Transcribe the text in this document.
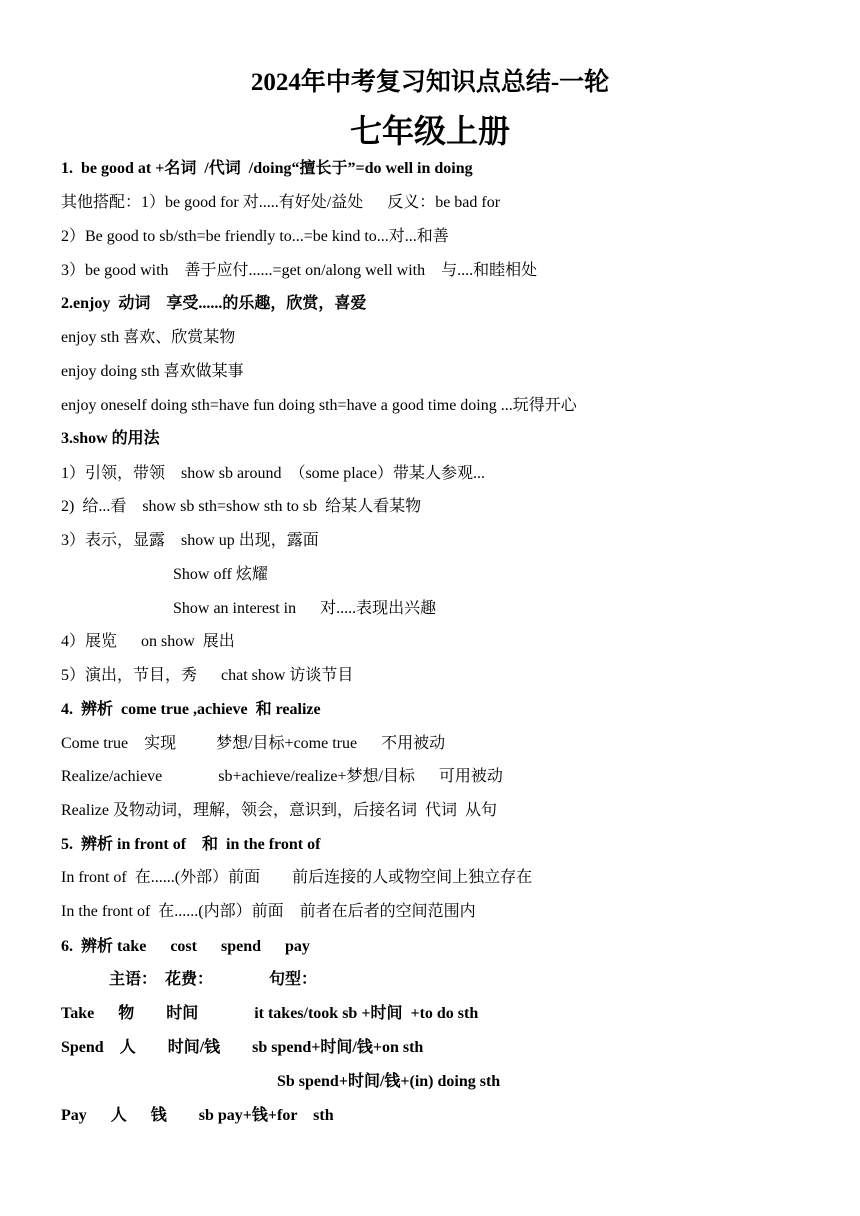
2024年中考复习知识点总结-一轮
七年级上册
1.  be good at +名词  /代词  /doing“擅长于”=do well in doing
其他搭配：1）be good for 对.....有好处/益处      反义：be bad for
2）Be good to sb/sth=be friendly to...=be kind to...对...和善
3）be good with    善于应付......=get on/along well with    与....和睦相处
2.enjoy  动词    享受......的乐趣，欣赏，喜爱
enjoy sth 喜欢、欣赏某物
enjoy doing sth 喜欢做某事
enjoy oneself doing sth=have fun doing sth=have a good time doing ...玩得开心
3.show 的用法
1）引领，带领    show sb around  （some place）带某人参观...
2)  给...看    show sb sth=show sth to sb  给某人看某物
3）表示，显露    show up 出现，露面
Show off 炫耀
Show an interest in      对.....表现出兴趣
4）展览      on show  展出
5）演出，节目，秀      chat show 访谈节目
4.  辨析  come true ,achieve  和 realize
Come true    实现          梦想/目标+come true      不用被动
Realize/achieve              sb+achieve/realize+梦想/目标      可用被动
Realize 及物动词，理解，领会，意识到，后接名词  代词  从句
5.  辨析 in front of    和  in the front of
In front of  在......(外部）前面        前后连接的人或物空间上独立存在
In the front of  在......(内部）前面    前者在后者的空间范围内
6.  辨析 take      cost      spend      pay
主语：  花费：              句型：
Take      物        时间              it takes/took sb +时间  +to do sth
Spend    人        时间/钱        sb spend+时间/钱+on sth
Sb spend+时间/钱+(in) doing sth
Pay      人      钱        sb pay+钱+for    sth
